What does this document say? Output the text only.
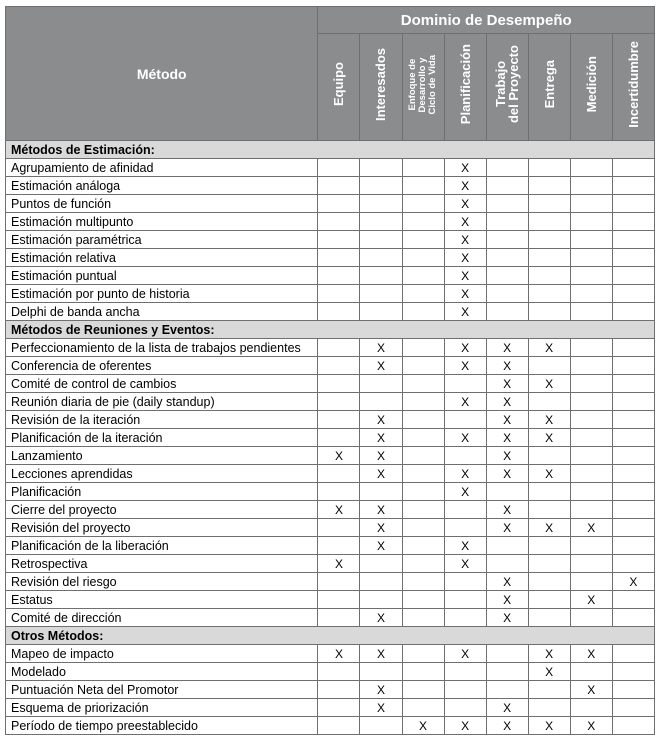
Método	Dominio de Desempeño							
	Equipo	Interesados	Enfoque de
Desarrollo y
Ciclo de Vida	Planificación	Trabajo
del Proyecto	Entrega	Medición	Incertidumbre
Métodos de Estimación:								
Agrupamiento de afinidad				X				
Estimación análoga				X				
Puntos de función				X				
Estimación multipunto				X				
Estimación paramétrica				X				
Estimación relativa				X				
Estimación puntual				X				
Estimación por punto de historia				X				
Delphi de banda ancha				X				
Métodos de Reuniones y Eventos:								
Perfeccionamiento de la lista de trabajos pendientes		X		X	X	X		
Conferencia de oferentes		X		X	X			
Comité de control de cambios					X	X		
Reunión diaria de pie (daily standup)				X	X			
Revisión de la iteración		X			X	X		
Planificación de la iteración		X		X	X	X		
Lanzamiento	X	X			X			
Lecciones aprendidas		X		X	X	X		
Planificación				X				
Cierre del proyecto	X	X			X			
Revisión del proyecto		X			X	X	X	
Planificación de la liberación		X		X				
Retrospectiva	X			X				
Revisión del riesgo					X			X
Estatus					X		X	
Comité de dirección		X			X			
Otros Métodos:								
Mapeo de impacto	X	X		X		X	X	
Modelado						X		
Puntuación Neta del Promotor		X					X	
Esquema de priorización		X			X			
Período de tiempo preestablecido			X	X	X	X	X	
